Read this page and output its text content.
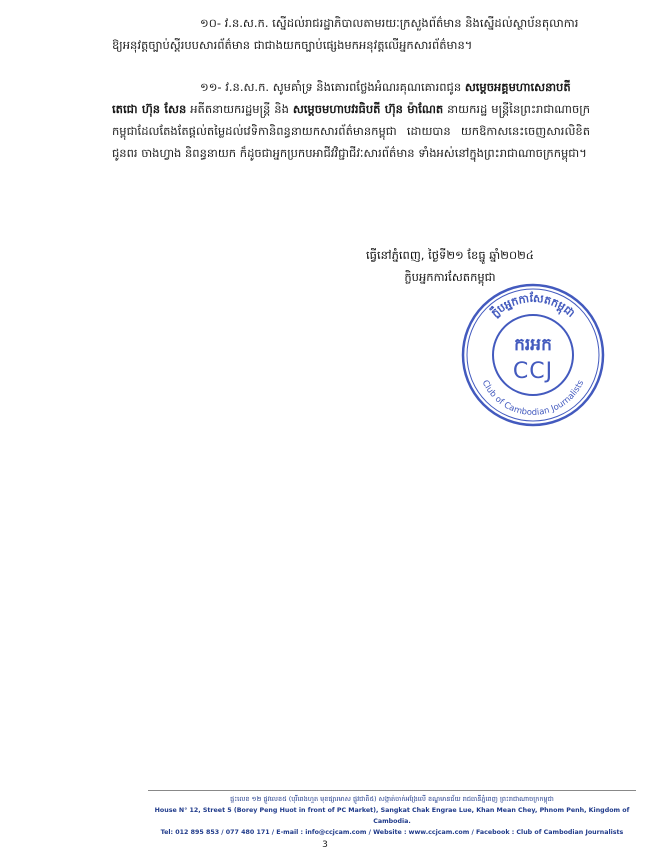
១០- វ.ន.ស.ក. ស្នើដល់រាជរដ្ឋាភិបាលតាមរយៈក្រសួងព័ត៌មាន និងស្នើដល់ស្ថាប័នតុលាការ
ឱ្យអនុវត្តច្បាប់ស្ដីរបបសារព័ត៌មាន ជាជាងយកច្បាប់ផ្សេងមកអនុវត្តលើអ្នកសារព័ត៌មាន។
១១- វ.ន.ស.ក. សូមគាំទ្រ និងគោរពថ្លែងអំណរគុណគោរពជូន សម្តេចអគ្គមហាសេនាបតី
តេជោ ហ៊ុន សែន អតីតនាយករដ្ឋមន្ត្រី និង សម្តេចមហាបវរធិបតី ហ៊ុន ម៉ាណែត នាយករដ្ឋ មន្ត្រីនៃព្រះរាជាណាចក្រកម្ពុជាដែលតែងតែផ្ដល់តម្លៃដល់វេទិកានិពន្ធនាយកសារព័ត៌មានកម្ពុជា ដោយបាន យកឱកាសនេះចេញសារលិខិតជូនពរ ចាងហ្វាង និពន្ធនាយក ក៏ដូចជាអ្នកប្រកបអាជីវវិជ្ជាជីវៈសារព័ត៌មាន ទាំងអស់នៅក្នុងព្រះរាជាណាចក្រកម្ពុជា។
ធ្វើនៅភ្នំពេញ, ថ្ងៃទី២១ ខែធ្នូ ឆ្នាំ២០២៤
ក្លិបអ្នកការសែតកម្ពុជា
ក្លឹបអ្នកកាសែតកម្ពុជា
Club of Cambodian Journalists
ករអក
CCJ
ផ្ទះលេខ ១២ ផ្លូវលេខ៥ (បុរីពេងហួត មុខផ្សារមាស ផ្លូវជាតិ៥) សង្កាត់ចាក់អង្រែលើ ខណ្ឌមានជ័យ រាជធានីភ្នំពេញ ព្រះរាជាណាចក្រកម្ពុជា
House N° 12, Street 5 (Borey Peng Huot in front of PC Market), Sangkat Chak Engrae Lue, Khan Mean Chey, Phnom Penh, Kingdom of Cambodia.
Tel: 012 895 853 / 077 480 171 / E-mail : info@ccjcam.com / Website : www.ccjcam.com / Facebook : Club of Cambodian Journalists
3
